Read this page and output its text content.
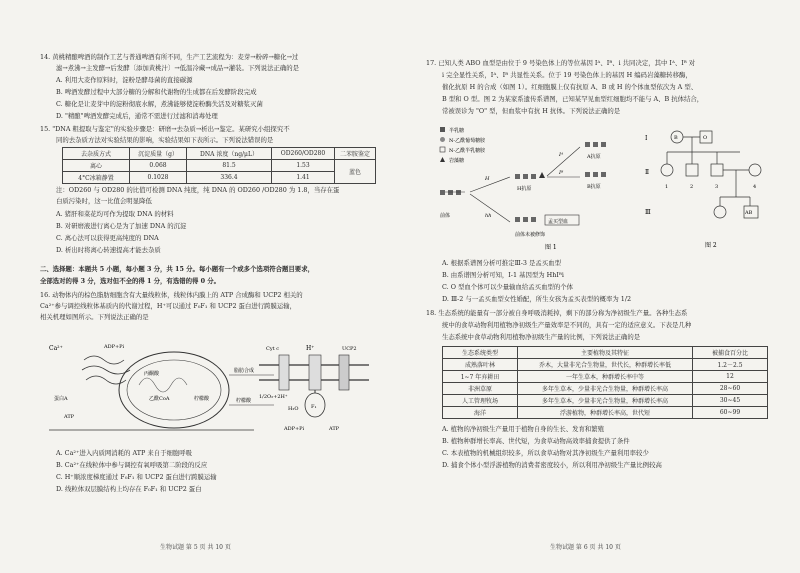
14. 黄桃精酿啤酒的制作工艺与普通啤酒有所不同，生产工艺流程为：麦芽→粉碎→糖化→过
滤→煮沸→主发酵→后发酵〔添加黄桃汁〕→低温冷藏→成品→灌装。下列说法正确的是
A. 利用大麦作原料时，淀粉是酵母菌的直接碳源
B. 啤酒发酵过程中大部分糖的分解和代谢物的生成都在后发酵阶段完成
C. 糖化是让麦芽中的淀粉彻底水解，煮沸能够使淀粉酶失活及对糖浆灭菌
D. "精酿"啤酒发酵完成后，通常不需进行过滤和消毒处理
15. "DNA 粗提取与鉴定"的实验步骤是：研磨→去杂质→析出→鉴定。某研究小组探究不
同的去杂质方法对实验结果的影响，实验结果如下表所示。下列说法错误的是
去杂质方式	沉淀质量（g）	DNA 浓度（ng/μL）	OD260/OD280	二苯胺鉴定
离心	0.068	81.5	1.53	蓝色
4°C冰箱静置	0.1028	336.4	1.41	
注：OD260 与 OD280 的比值可检测 DNA 纯度，纯 DNA 的 OD260 /OD280 为 1.8，当存在蛋
白质污染时，这一比值会明显降低
A. 猪肝和菜花均可作为提取 DNA 的材料
B. 对研磨液进行离心是为了加速 DNA 的沉淀
C. 离心法可以获得更高纯度的 DNA
D. 析出时将离心转速提高才能去杂质
二、选择题：本题共 5 小题，每小题 3 分，共 15 分。每小题有一个或多个选项符合题目要求，
全部选对的得 3 分，选对但不全的得 1 分，有选错的得 0 分。
16. 动物体内的棕色脂肪细胞含有大量线粒体，线粒体内膜上的 ATP 合成酶和 UCP2 相关的
Ca²⁺参与调控线粒体基质内的代谢过程，H⁺可以通过 F₀F₁ 和 UCP2 蛋白进行跨膜运输，
相关机理如图所示。下列说法正确的是
Ca²⁺	ADP+Pi
蛋白A
ATP
丙酮酸
乙酰CoA	柠檬酸
脂肪合成
柠檬酸
Cyt c	H⁺	UCP2
1/2O₂+2H⁺
H₂O	F₁
ADP+Pi	ATP
A. Ca²⁺进入内质网消耗的 ATP 来自于细胞呼吸
B. Ca²⁺在线粒体中参与调控有氧呼吸第二阶段的反应
C. H⁺顺浓度梯度通过 F₀F₁ 和 UCP2 蛋白进行跨膜运输
D. 线粒体双层膜结构上均存在 F₀F₁ 和 UCP2 蛋白
生物试题 第 5 页 共 10 页
17. 已知人类 ABO 血型是由位于 9 号染色体上的等位基因 Iᴬ、Iᴮ、i 共同决定，其中 Iᴬ、Iᴮ 对
i 完全显性关系，Iᴬ、Iᴮ 共显性关系。位于 19 号染色体上的基因 H 编码岩藻糖转移酶，
催化抗原 H 的合成（如图 1）。红细胞膜上仅有抗原 A、B 或 H 的个体血型依次为 A 型、
B 型和 O 型。图 2 为某家系遗传系谱图，已知某罕见血型红细胞均不能与 A、B 抗体结合，
常被误诊为 "O" 型，但血浆中有抗 H 抗体。下列说法正确的是
半乳糖
N-乙酰葡萄糖胺
N-乙酰半乳糖胺
岩藻糖
前体
H
hh
H抗原
Iᴬ
Iᴮ
A抗原
B抗原
孟买型血
前体未被修饰
图 1
Ⅰ
Ⅱ
Ⅲ
B	O
1	2	3	4
AB
图 2
A. 根据系谱图分析可推定Ⅲ-3 是孟买血型
B. 由系谱图分析可知，Ⅰ-1 基因型为 HhIᴮi
C. O 型血个体可以少量输血给孟买血型的个体
D. Ⅲ-2 与一孟买血型女性婚配，所生女孩为孟买表型的概率为 1/2
18. 生态系统的能量有一部分被自身呼吸消耗掉，剩下的部分称为净初级生产量。各种生态系
统中的食草动物利用植物净初级生产量效率是不同的，具有一定的适应意义。下表是几种
生态系统中食草动物利用植物净初级生产量的比例，下列说法正确的是
生态系统类型	主要植物及其特征	被捕食百分比
成熟落叶林	乔木，大量非光合生物量，世代长，种群增长率低	1.2－2.5
1~7 年弃耕田	一年生草本，种群增长率中等	12
非洲草原	多年生草本，少量非光合生物量，种群增长率高	28~60
人工管理牧场	多年生草本，少量非光合生物量，种群增长率高	30~45
海洋	浮游植物，种群增长率高，世代短	60~99
A. 植物的净初级生产量用于植物自身的生长、发育和繁殖
B. 植物种群增长率高、世代短，为食草动物高效率捕食提供了条件
C. 本表植物的机械组织较多，所以食草动物对其净初级生产量利用率较少
D. 捕食个体小型浮游植物的消费者密度较小，所以利用净初级生产量比例较高
生物试题 第 6 页 共 10 页
